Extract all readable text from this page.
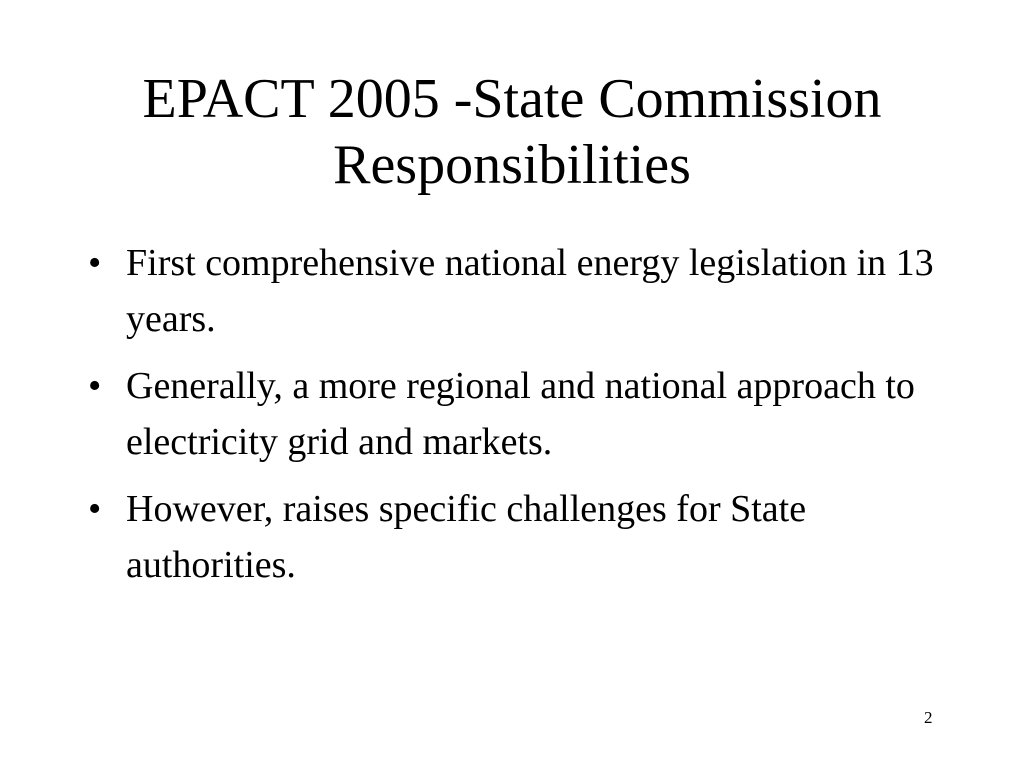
EPACT 2005 -State Commission
Responsibilities
• First comprehensive national energy legislation in 13 years.
• Generally, a more regional and national approach to electricity grid and markets.
• However, raises specific challenges for State authorities.
2
